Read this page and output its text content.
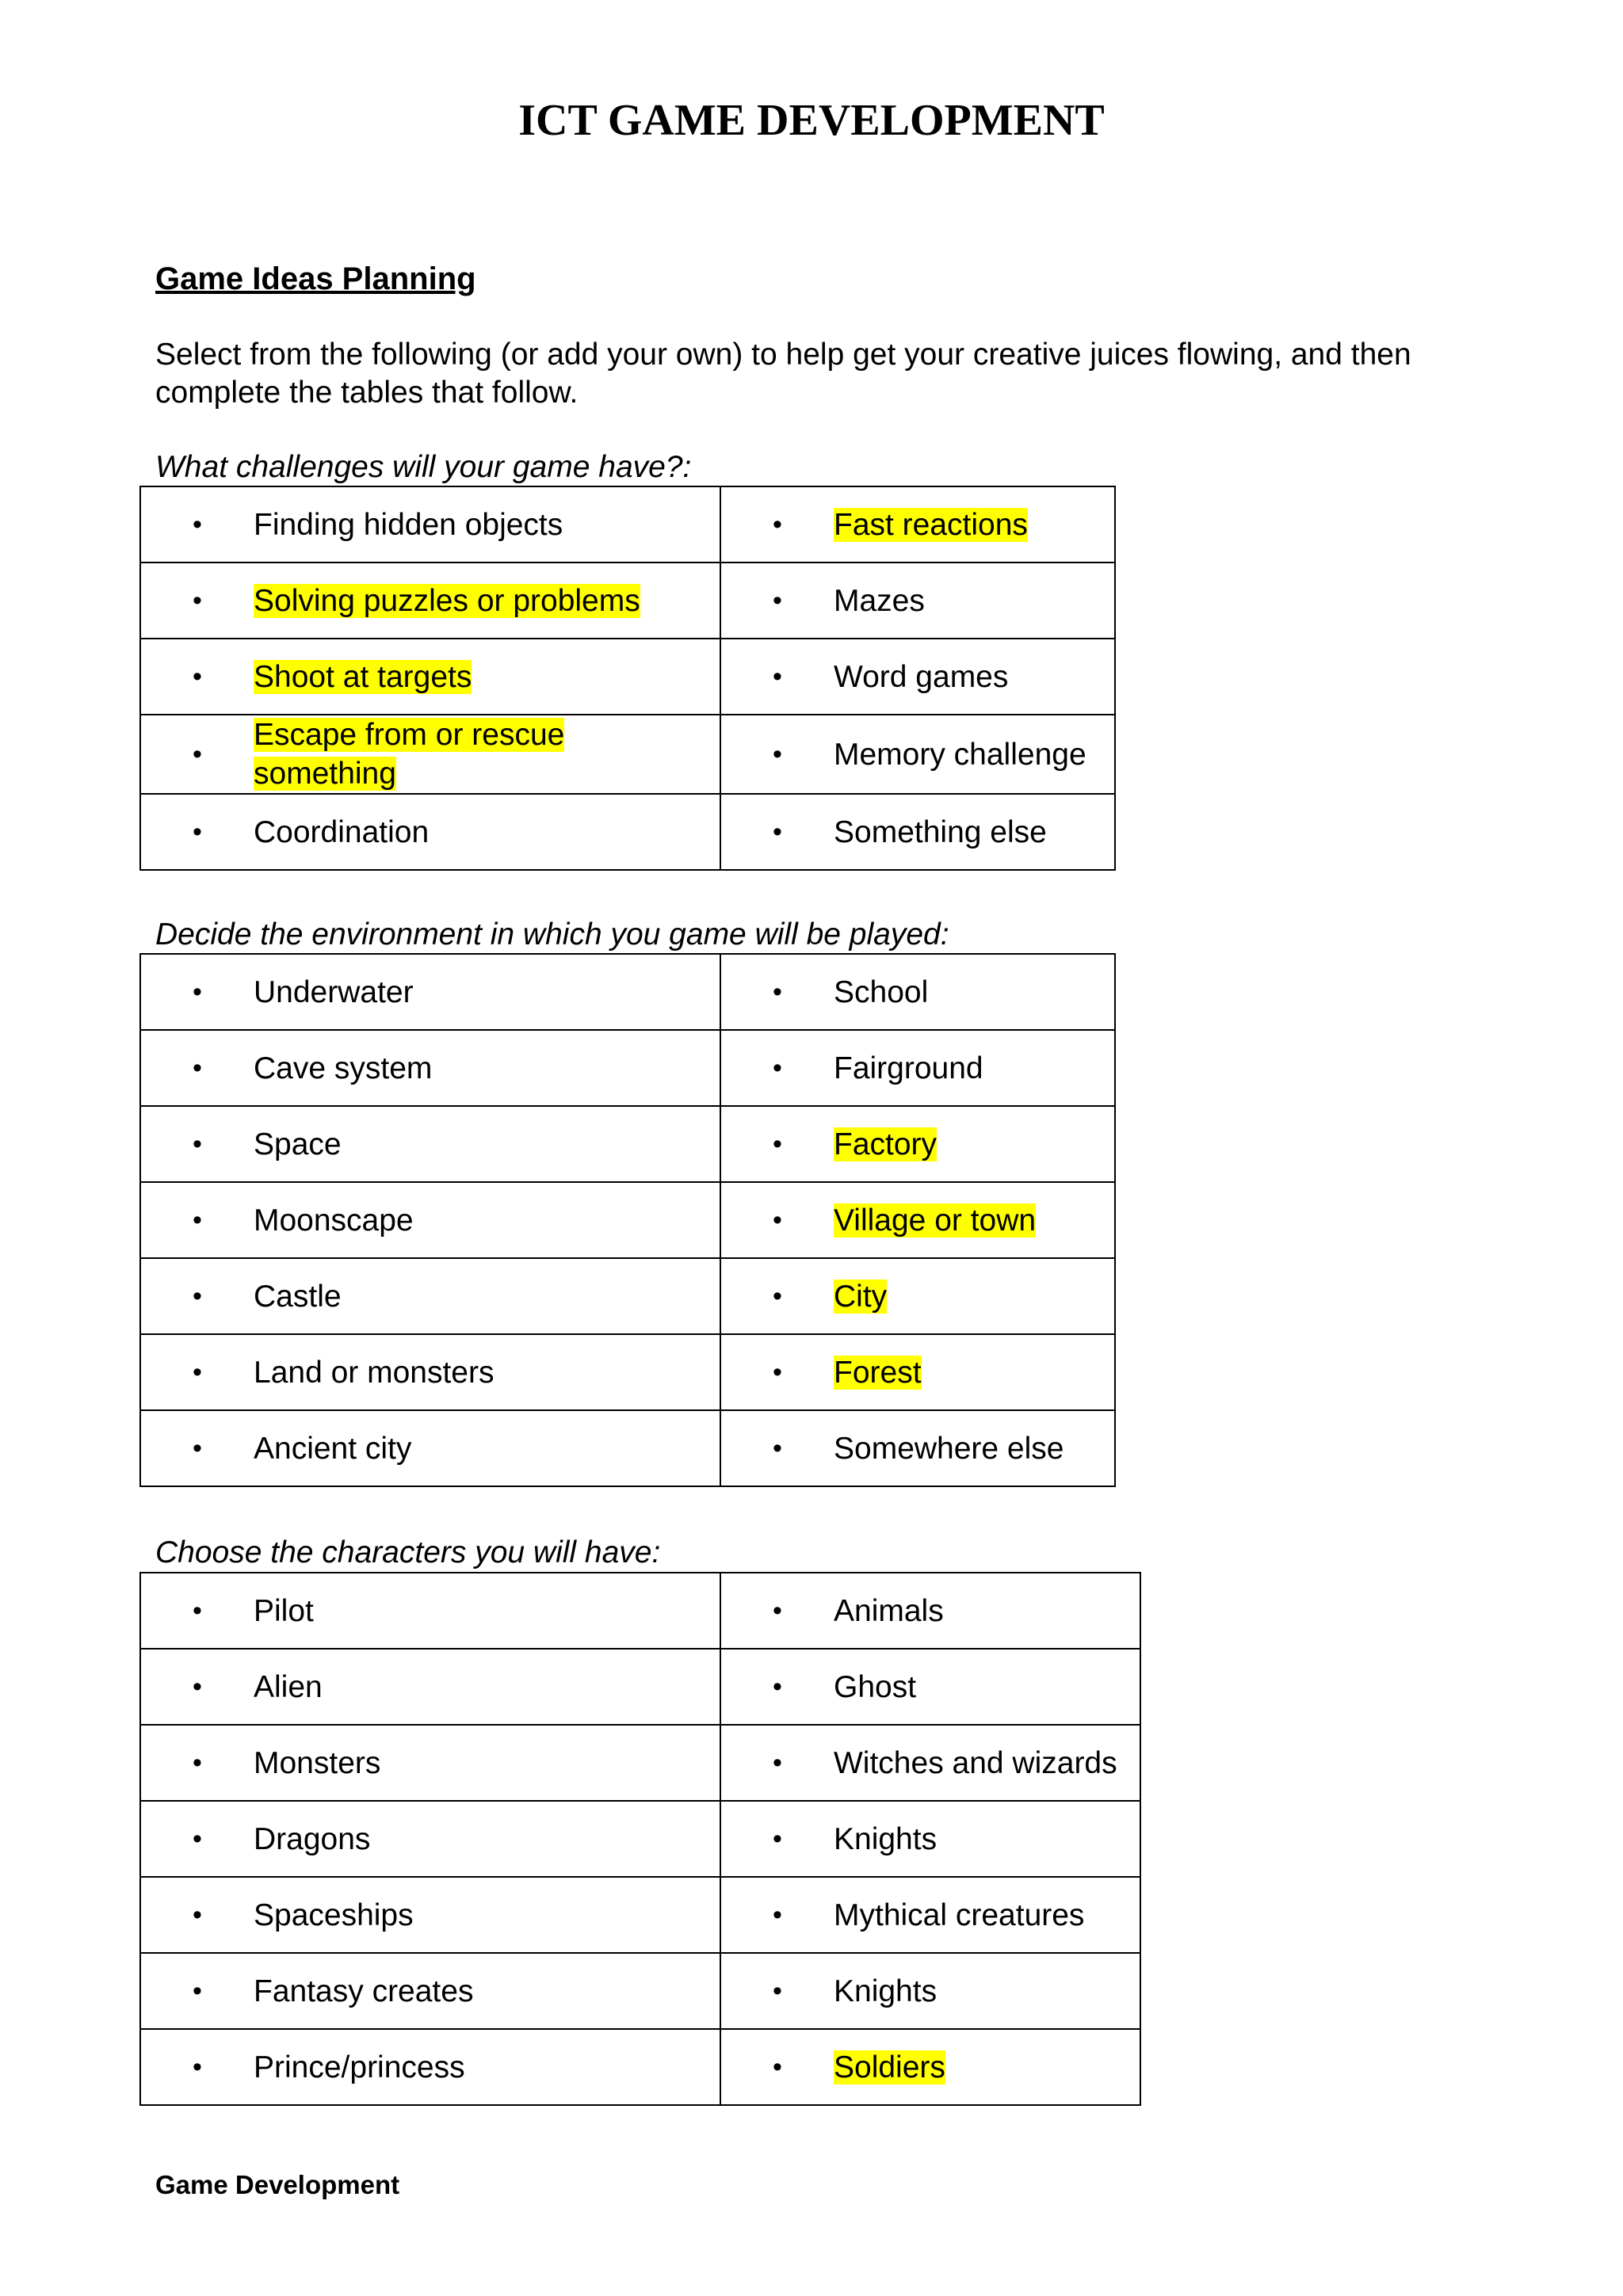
ICT GAME DEVELOPMENT
Game Ideas Planning
Select from the following (or add your own) to help get your creative juices flowing, and then complete the tables that follow.
What challenges will your game have?:
• Finding hidden objects	• Fast reactions

• Solving puzzles or problems	• Mazes

• Shoot at targets	• Word games

•
Escape from or rescue something	• Memory challenge

• Coordination	• Something else
Decide the environment in which you game will be played:
• Underwater	• School

• Cave system	• Fairground

• Space	• Factory

• Moonscape	• Village or town

• Castle	• City

• Land or monsters	• Forest

• Ancient city	• Somewhere else
Choose the characters you will have:
• Pilot	• Animals

• Alien	• Ghost

• Monsters	• Witches and wizards

• Dragons	• Knights

• Spaceships	• Mythical creatures

• Fantasy creates	• Knights

• Prince/princess	• Soldiers
Game Development
